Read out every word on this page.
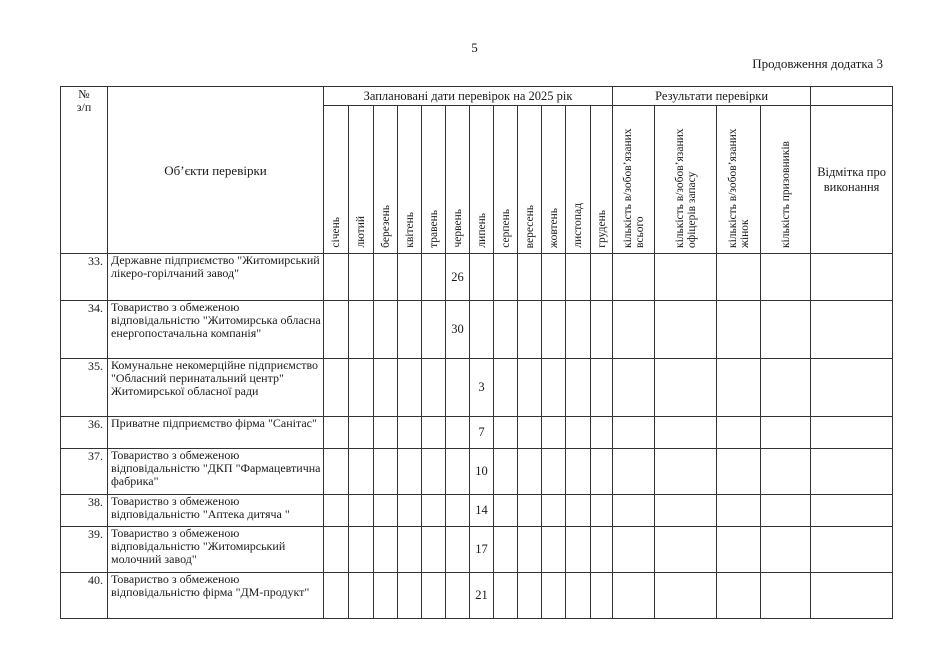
5
Продовження додатка 3
№
з/п	Об’єкти перевірки	Заплановані дати перевірок на 2025 рік												Результати перевірки				

		січень	лютий	березень	квітень	травень	червень	липень	серпень	вересень	жовтень	листопад	грудень	кількість в/зобов’язаних всього	кількість в/зобов’язаних офіцерів запасу	кількість в/зобов’язаних жінок	кількість призовників	Відмітка про виконання
33.	Державне підприємство "Житомирський лікеро-горілчаний завод"						26											
34.	Товариство з обмеженою відповідальністю "Житомирська обласна енергопостачальна компанія"						30											
35.	Комунальне некомерційне підприємство "Обласний перинатальний центр" Житомирської обласної ради							3										
36.	Приватне підприємство фірма "Санітас"							7										
37.	Товариство з обмеженою відповідальністю "ДКП "Фармацевтична фабрика"							10										
38.	Товариство з обмеженою відповідальністю "Аптека дитяча "							14										
39.	Товариство з обмеженою відповідальністю "Житомирський молочний завод"							17										
40.	Товариство з обмеженою відповідальністю фірма "ДМ-продукт"							21										
